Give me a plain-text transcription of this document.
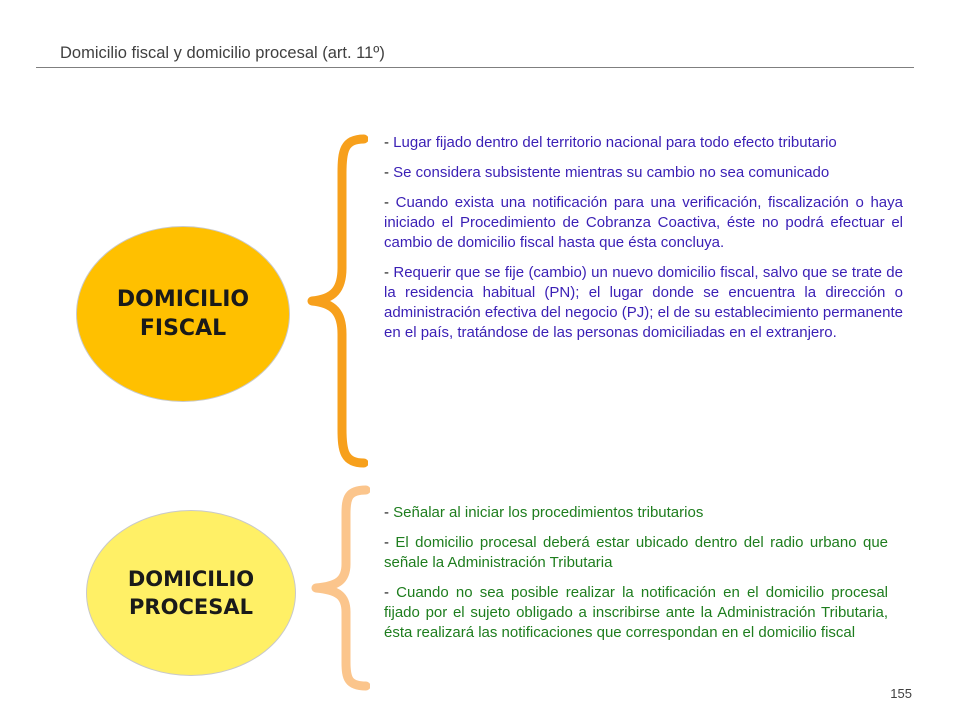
Domicilio fiscal y domicilio procesal (art. 11º)
DOMICILIO
FISCAL

- Lugar fijado dentro del territorio nacional para todo efecto tributario

- Se considera subsistente mientras su cambio no sea comunicado

- Cuando exista una notificación para una verificación, fiscalización o haya iniciado el Procedimiento de Cobranza Coactiva, éste no podrá efectuar el cambio de domicilio fiscal hasta que ésta concluya.

- Requerir que se fije (cambio) un nuevo domicilio fiscal, salvo que se trate de la residencia habitual (PN); el lugar donde se encuentra la dirección o administración efectiva del negocio (PJ); el de su establecimiento permanente en el país, tratándose de las personas domiciliadas en el extranjero.

DOMICILIO
PROCESAL

- Señalar al iniciar los procedimientos tributarios

- El domicilio procesal deberá estar ubicado dentro del radio urbano que señale la Administración Tributaria

- Cuando no sea posible realizar la notificación en el domicilio procesal fijado por el sujeto obligado a inscribirse ante la Administración Tributaria, ésta realizará las notificaciones que correspondan en el domicilio fiscal

155
